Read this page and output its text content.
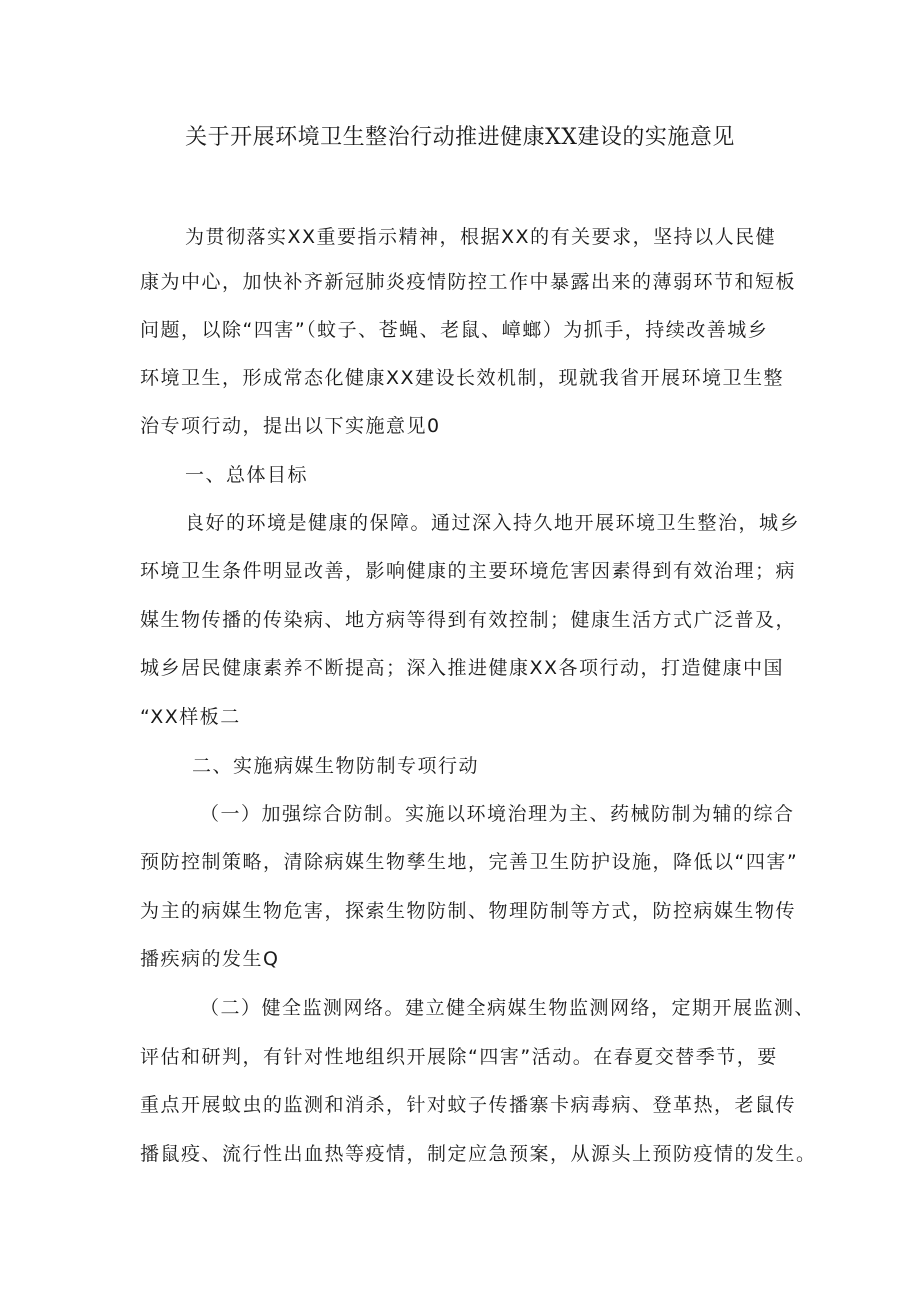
关于开展环境卫生整治行动推进健康XX建设的实施意见
为贯彻落实XX重要指示精神，根据XX的有关要求，坚持以人民健
康为中心，加快补齐新冠肺炎疫情防控工作中暴露出来的薄弱环节和短板
问题，以除“四害”（蚊子、苍蝇、老鼠、嶂螂）为抓手，持续改善城乡
环境卫生，形成常态化健康XX建设长效机制，现就我省开展环境卫生整
治专项行动，提出以下实施意见0
一、总体目标
良好的环境是健康的保障。通过深入持久地开展环境卫生整治，城乡
环境卫生条件明显改善，影响健康的主要环境危害因素得到有效治理；病
媒生物传播的传染病、地方病等得到有效控制；健康生活方式广泛普及，
城乡居民健康素养不断提高；深入推进健康XX各项行动，打造健康中国
“XX样板二
二、实施病媒生物防制专项行动
（一）加强综合防制。实施以环境治理为主、药械防制为辅的综合
预防控制策略，清除病媒生物孳生地，完善卫生防护设施，降低以“四害”
为主的病媒生物危害，探索生物防制、物理防制等方式，防控病媒生物传
播疾病的发生Q
（二）健全监测网络。建立健全病媒生物监测网络，定期开展监测、
评估和研判，有针对性地组织开展除“四害”活动。在春夏交替季节，要
重点开展蚊虫的监测和消杀，针对蚊子传播寨卡病毒病、登革热，老鼠传
播鼠疫、流行性出血热等疫情，制定应急预案，从源头上预防疫情的发生。
